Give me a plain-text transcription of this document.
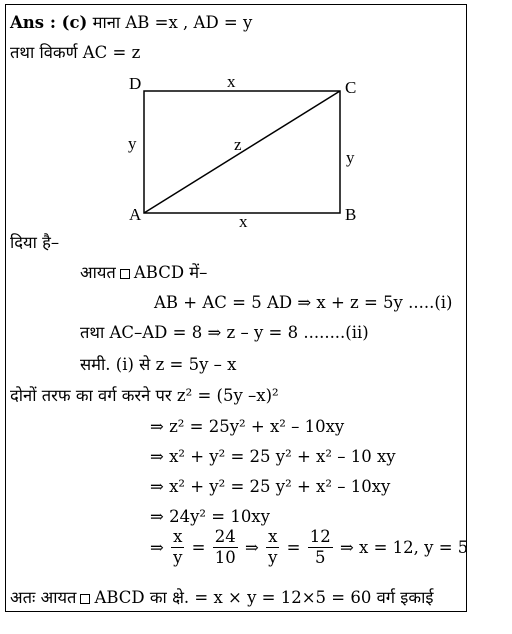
Ans : (c) माना AB =x , AD = y
तथा विकर्ण AC = z
D	C
A	B
x
x
y
y
z
दिया है–
आयत ABCD में–
AB + AC = 5 AD ⇒ x + z = 5y .....(i)
तथा AC–AD = 8 ⇒ z – y = 8 ........(ii)
समी. (i) से z = 5y – x
दोनों तरफ का वर्ग करने पर z² = (5y –x)²
⇒ z² = 25y² + x² – 10xy
⇒ x² + y² = 25 y² + x² – 10 xy
⇒ x² + y² = 25 y² + x² – 10xy
⇒ 24y² = 10xy
⇒ $\frac{x}{y} = \frac{24}{10}$ ⇒ $\frac{x}{y} = \frac{12}{5}$ ⇒ x = 12, y = 5
अतः आयत ABCD का क्षे. = x × y = 12×5 = 60 वर्ग इकाई
